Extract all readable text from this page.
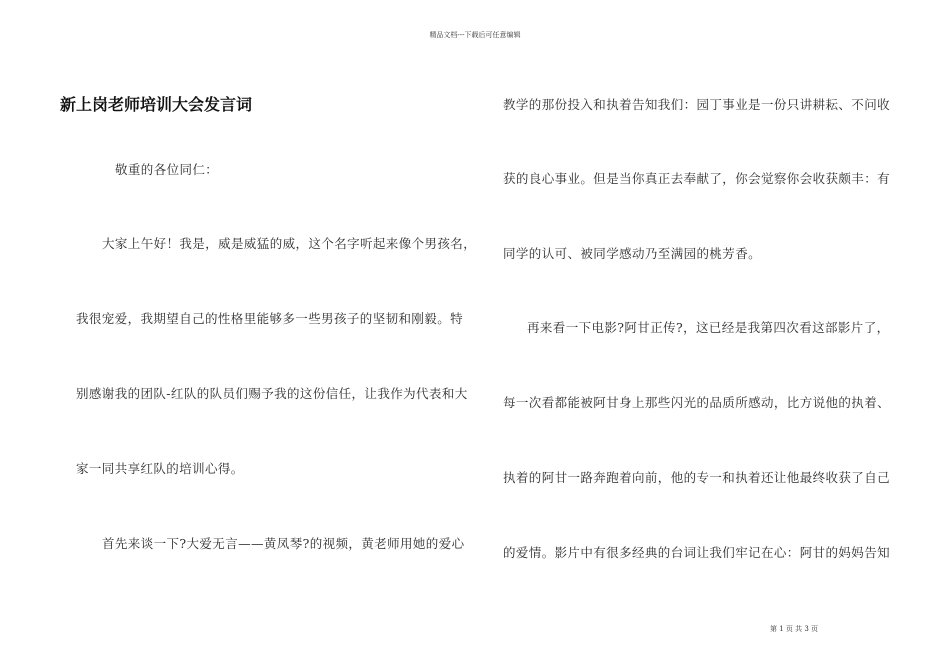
精品文档---下载后可任意编辑
新上岗老师培训大会发言词
敬重的各位同仁：
大家上午好！我是，威是威猛的威，这个名字听起来像个男孩名，
我很宠爱，我期望自己的性格里能够多一些男孩子的坚韧和刚毅。特
别感谢我的团队-红队的队员们赐予我的这份信任，让我作为代表和大
家一同共享红队的培训心得。
首先来谈一下?大爱无言——黄凤琴?的视频，黄老师用她的爱心
教学的那份投入和执着告知我们：园丁事业是一份只讲耕耘、不问收
获的良心事业。但是当你真正去奉献了，你会觉察你会收获颇丰：有
同学的认可、被同学感动乃至满园的桃芳香。
再来看一下电影?阿甘正传?，这已经是我第四次看这部影片了，
每一次看都能被阿甘身上那些闪光的品质所感动，比方说他的执着、
执着的阿甘一路奔跑着向前，他的专一和执着还让他最终收获了自己
的爱情。影片中有很多经典的台词让我们牢记在心：阿甘的妈妈告知
第 1 页 共 3 页
